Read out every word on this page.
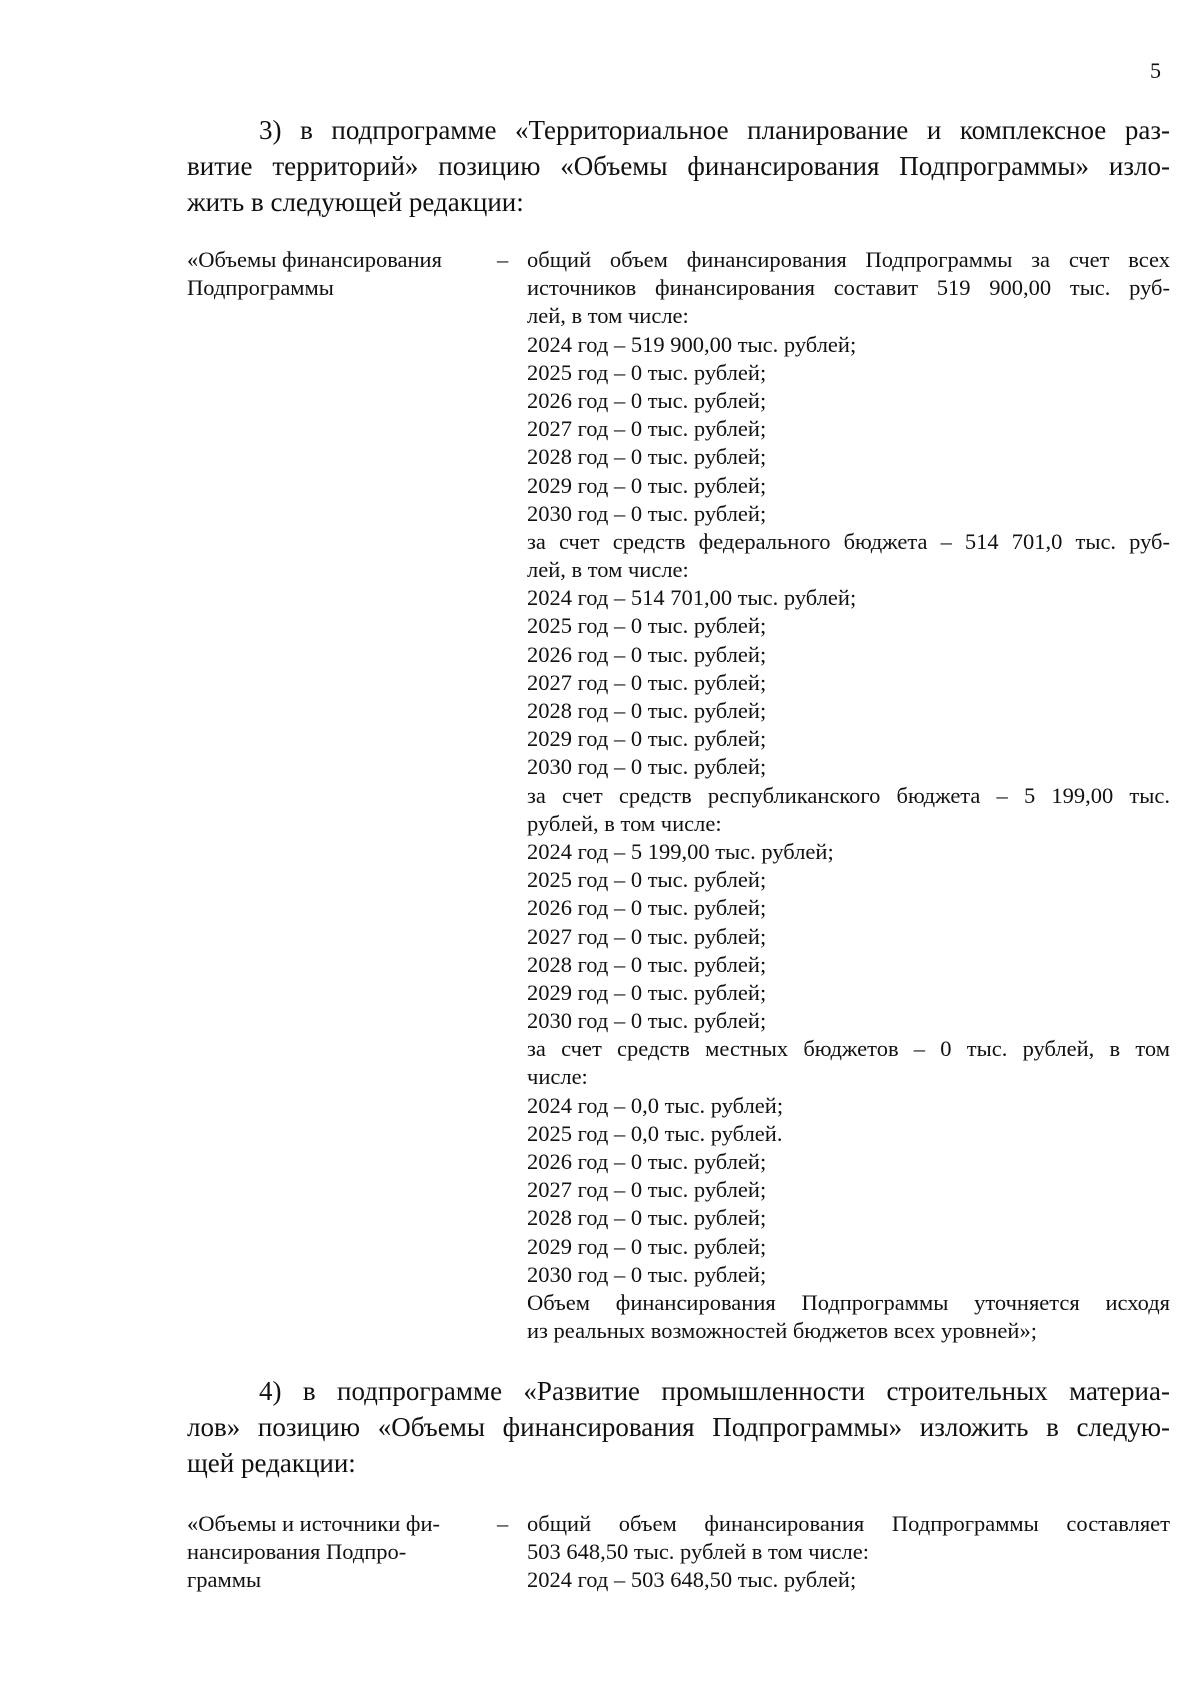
5
3) в подпрограмме «Территориальное планирование и комплексное раз-
витие территорий» позицию «Объемы финансирования Подпрограммы» изло-
жить в следующей редакции:
«Объемы финансирования
Подпрограммы
– общий объем финансирования Подпрограммы за счет всех
источников финансирования составит 519 900,00 тыс. руб-
лей, в том числе:
2024 год – 519 900,00 тыс. рублей;
2025 год – 0 тыс. рублей;
2026 год – 0 тыс. рублей;
2027 год – 0 тыс. рублей;
2028 год – 0 тыс. рублей;
2029 год – 0 тыс. рублей;
2030 год – 0 тыс. рублей;
за счет средств федерального бюджета – 514 701,0 тыс. руб-
лей, в том числе:
2024 год – 514 701,00 тыс. рублей;
2025 год – 0 тыс. рублей;
2026 год – 0 тыс. рублей;
2027 год – 0 тыс. рублей;
2028 год – 0 тыс. рублей;
2029 год – 0 тыс. рублей;
2030 год – 0 тыс. рублей;
за счет средств республиканского бюджета – 5 199,00 тыс.
рублей, в том числе:
2024 год – 5 199,00 тыс. рублей;
2025 год – 0 тыс. рублей;
2026 год – 0 тыс. рублей;
2027 год – 0 тыс. рублей;
2028 год – 0 тыс. рублей;
2029 год – 0 тыс. рублей;
2030 год – 0 тыс. рублей;
за счет средств местных бюджетов – 0 тыс. рублей, в том
числе:
2024 год – 0,0 тыс. рублей;
2025 год – 0,0 тыс. рублей.
2026 год – 0 тыс. рублей;
2027 год – 0 тыс. рублей;
2028 год – 0 тыс. рублей;
2029 год – 0 тыс. рублей;
2030 год – 0 тыс. рублей;
Объем финансирования Подпрограммы уточняется исходя
из реальных возможностей бюджетов всех уровней»;
4) в подпрограмме «Развитие промышленности строительных материа-
лов» позицию «Объемы финансирования Подпрограммы» изложить в следую-
щей редакции:
«Объемы и источники фи-
нансирования Подпро-
граммы
– общий объем финансирования Подпрограммы составляет
503 648,50 тыс. рублей в том числе:
2024 год – 503 648,50 тыс. рублей;
